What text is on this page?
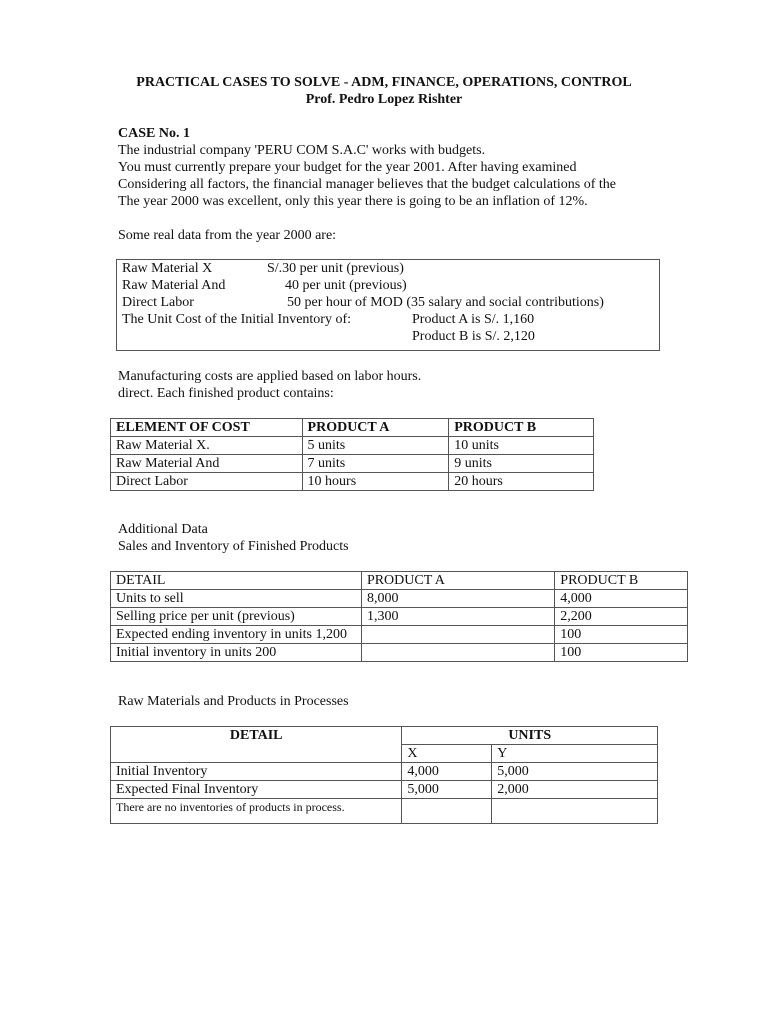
PRACTICAL CASES TO SOLVE - ADM, FINANCE, OPERATIONS, CONTROL
Prof. Pedro Lopez Rishter
CASE No. 1

The industrial company 'PERU COM S.A.C' works with budgets.

You must currently prepare your budget for the year 2001. After having examined

Considering all factors, the financial manager believes that the budget calculations of the

The year 2000 was excellent, only this year there is going to be an inflation of 12%.

Some real data from the year 2000 are:
Raw Material X	S/.30 per unit (previous)
Raw Material And	40 per unit (previous)
Direct Labor	50 per hour of MOD (35 salary and social contributions)
The Unit Cost of the Initial Inventory of:	Product A is S/. 1,160
Product B is S/. 2,120
Manufacturing costs are applied based on labor hours.
direct. Each finished product contains:
ELEMENT OF COST	PRODUCT A	PRODUCT B
Raw Material X.	5 units	10 units
Raw Material And	7 units	9 units
Direct Labor	10 hours	20 hours
Additional Data
Sales and Inventory of Finished Products
DETAIL	PRODUCT A	PRODUCT B
Units to sell	8,000	4,000
Selling price per unit (previous)	1,300	2,200
Expected ending inventory in units 1,200		100
Initial inventory in units 200		100
Raw Materials and Products in Processes
DETAIL	UNITS	
	X	Y
Initial Inventory	4,000	5,000
Expected Final Inventory	5,000	2,000
There are no inventories of products in process.		
